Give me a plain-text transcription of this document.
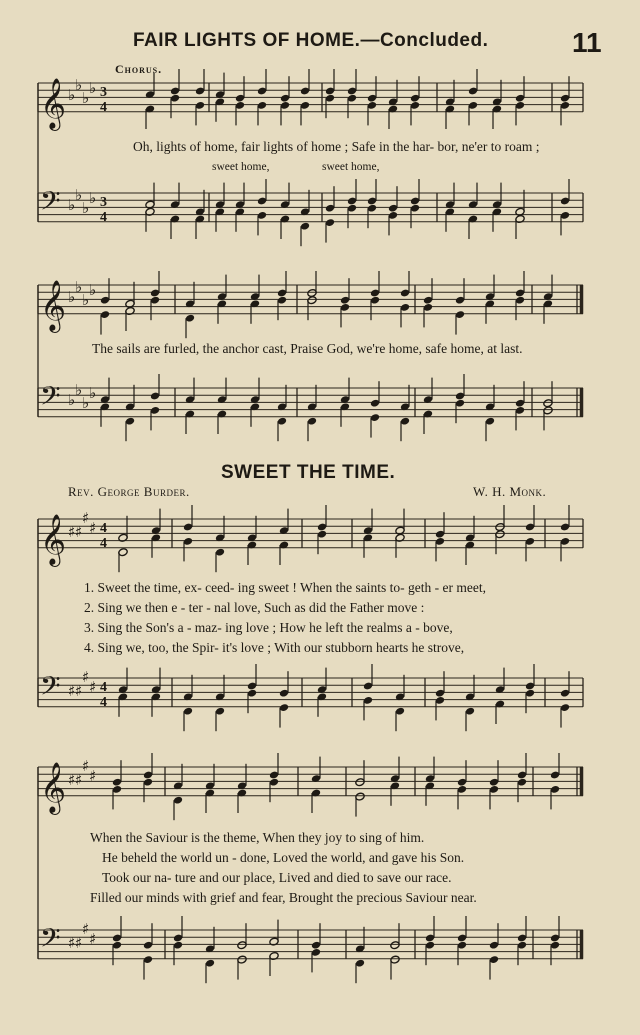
FAIR LIGHTS OF HOME.—Concluded.	11
Chorus.
𝄞 ♭
♭
♭
♭ 3
4
𝄢 ♭
♭
♭
♭ 3
4
𝄞 ♭
♭
♭
♭
𝄢 ♭
♭
♭
♭
𝄞 ♯ ♯
♯
♯ 4
4
𝄢 ♯ ♯
♯
♯ 4
4
𝄞 ♯ ♯
♯
♯
𝄢 ♯ ♯
♯
♯
Oh, lights of home, fair lights of home ; Safe in the har- bor, ne'er to roam ;
sweet home,	sweet home,
The sails are furled, the anchor cast, Praise God, we're home, safe home, at last.
SWEET THE TIME.
Rev. George Burder.	W. H. Monk.
1. Sweet the time, ex- ceed- ing sweet ! When the saints to- geth - er meet,
2. Sing we then e - ter - nal love, Such as did the Father move :
3. Sing the Son's a - maz- ing love ; How he left the realms a - bove,
4. Sing we, too, the Spir- it's love ; With our stubborn hearts he strove,
When the Saviour is the theme, When they joy to sing of him.
He beheld the world un - done, Loved the world, and gave his Son.
Took our na- ture and our place, Lived and died to save our race.
Filled our minds with grief and fear, Brought the precious Saviour near.
